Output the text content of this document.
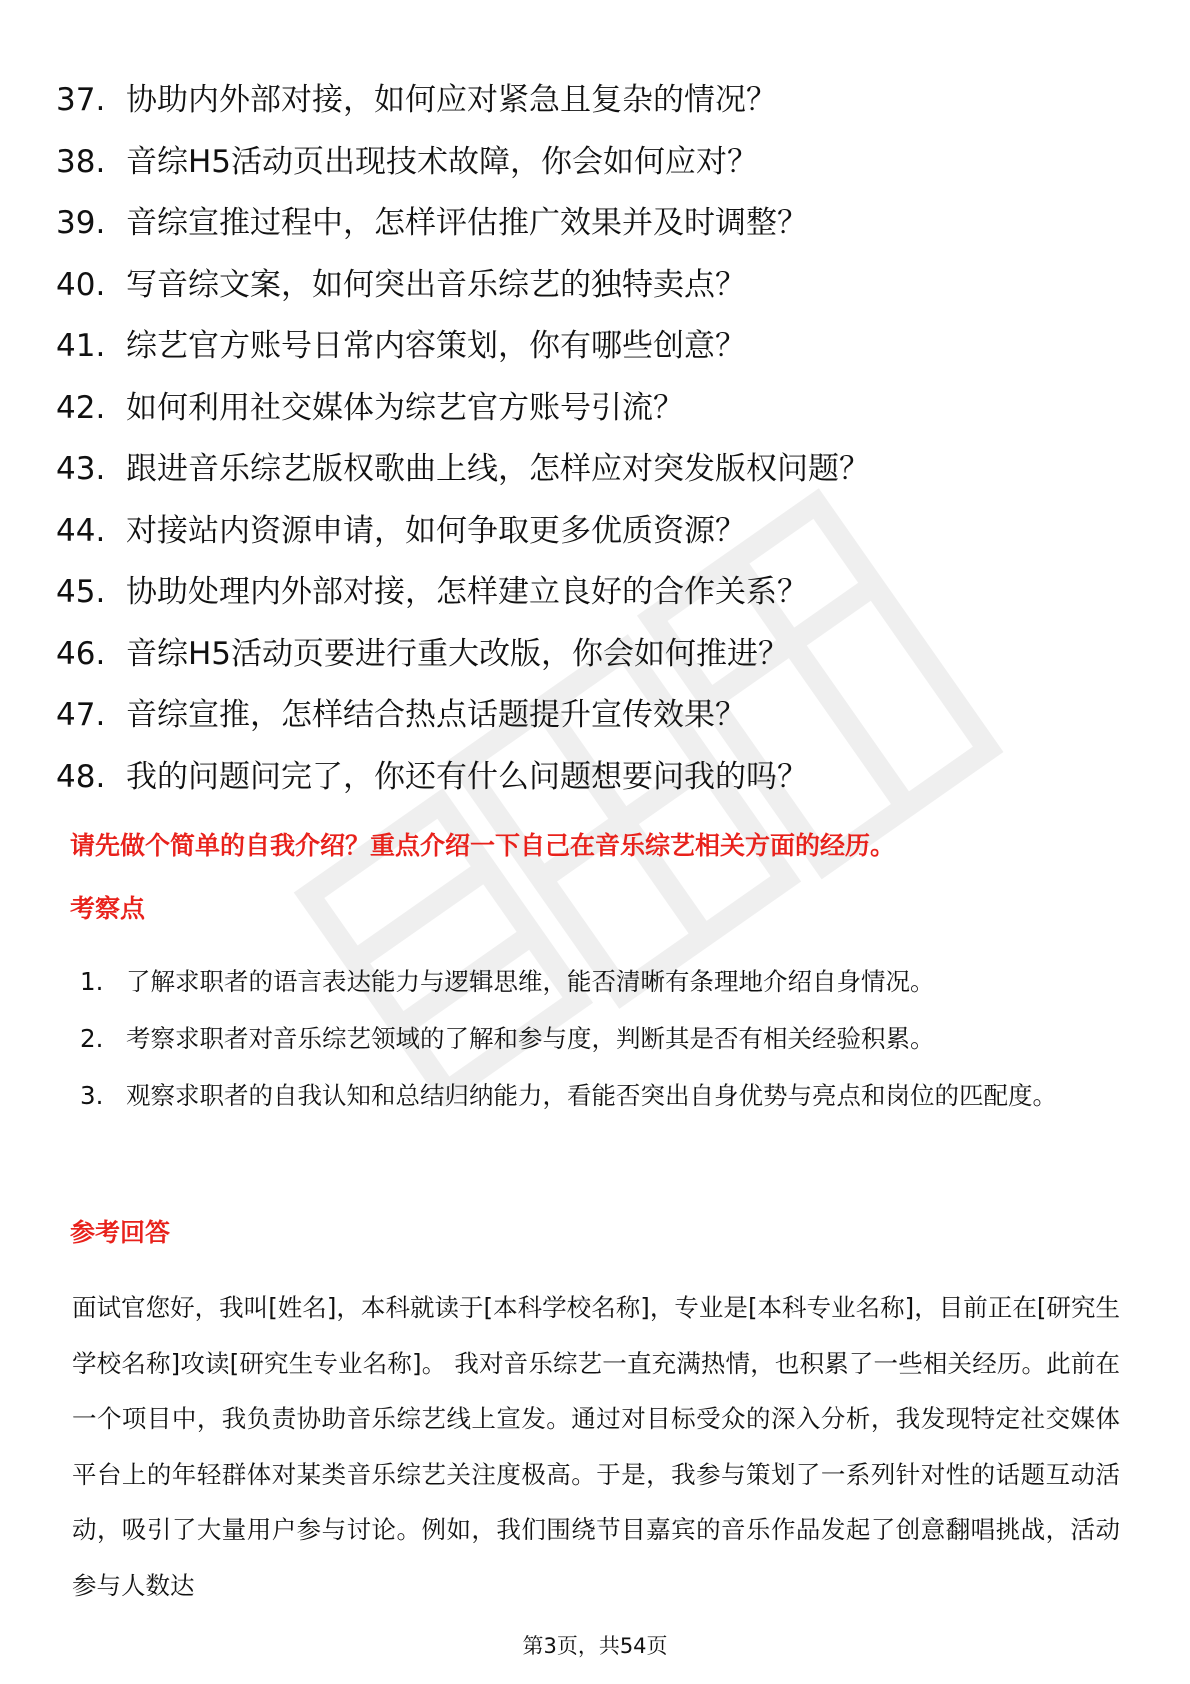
37. 协助内外部对接，如何应对紧急且复杂的情况？
38. 音综H5活动页出现技术故障，你会如何应对？
39. 音综宣推过程中，怎样评估推广效果并及时调整？
40. 写音综文案，如何突出音乐综艺的独特卖点？
41. 综艺官方账号日常内容策划，你有哪些创意？
42. 如何利用社交媒体为综艺官方账号引流？
43. 跟进音乐综艺版权歌曲上线，怎样应对突发版权问题？
44. 对接站内资源申请，如何争取更多优质资源？
45. 协助处理内外部对接，怎样建立良好的合作关系？
46. 音综H5活动页要进行重大改版，你会如何推进？
47. 音综宣推，怎样结合热点话题提升宣传效果？
48. 我的问题问完了，你还有什么问题想要问我的吗？
请先做个简单的自我介绍？重点介绍一下自己在音乐综艺相关方面的经历。
考察点
1. 了解求职者的语言表达能力与逻辑思维，能否清晰有条理地介绍自身情况。
2. 考察求职者对音乐综艺领域的了解和参与度，判断其是否有相关经验积累。
3. 观察求职者的自我认知和总结归纳能力，看能否突出自身优势与亮点和岗位的匹配度。
参考回答

面试官您好，我叫[姓名]，本科就读于[本科学校名称]，专业是[本科专业名称]，目前正在[研究生学校名称]攻读[研究生专业名称]。 我对音乐综艺一直充满热情，也积累了一些相关经历。此前在一个项目中，我负责协助音乐综艺线上宣发。通过对目标受众的深入分析，我发现特定社交媒体平台上的年轻群体对某类音乐综艺关注度极高。于是，我参与策划了一系列针对性的话题互动活动，吸引了大量用户参与讨论。例如，我们围绕节目嘉宾的音乐作品发起了创意翻唱挑战，活动参与人数达

第3页，共54页
